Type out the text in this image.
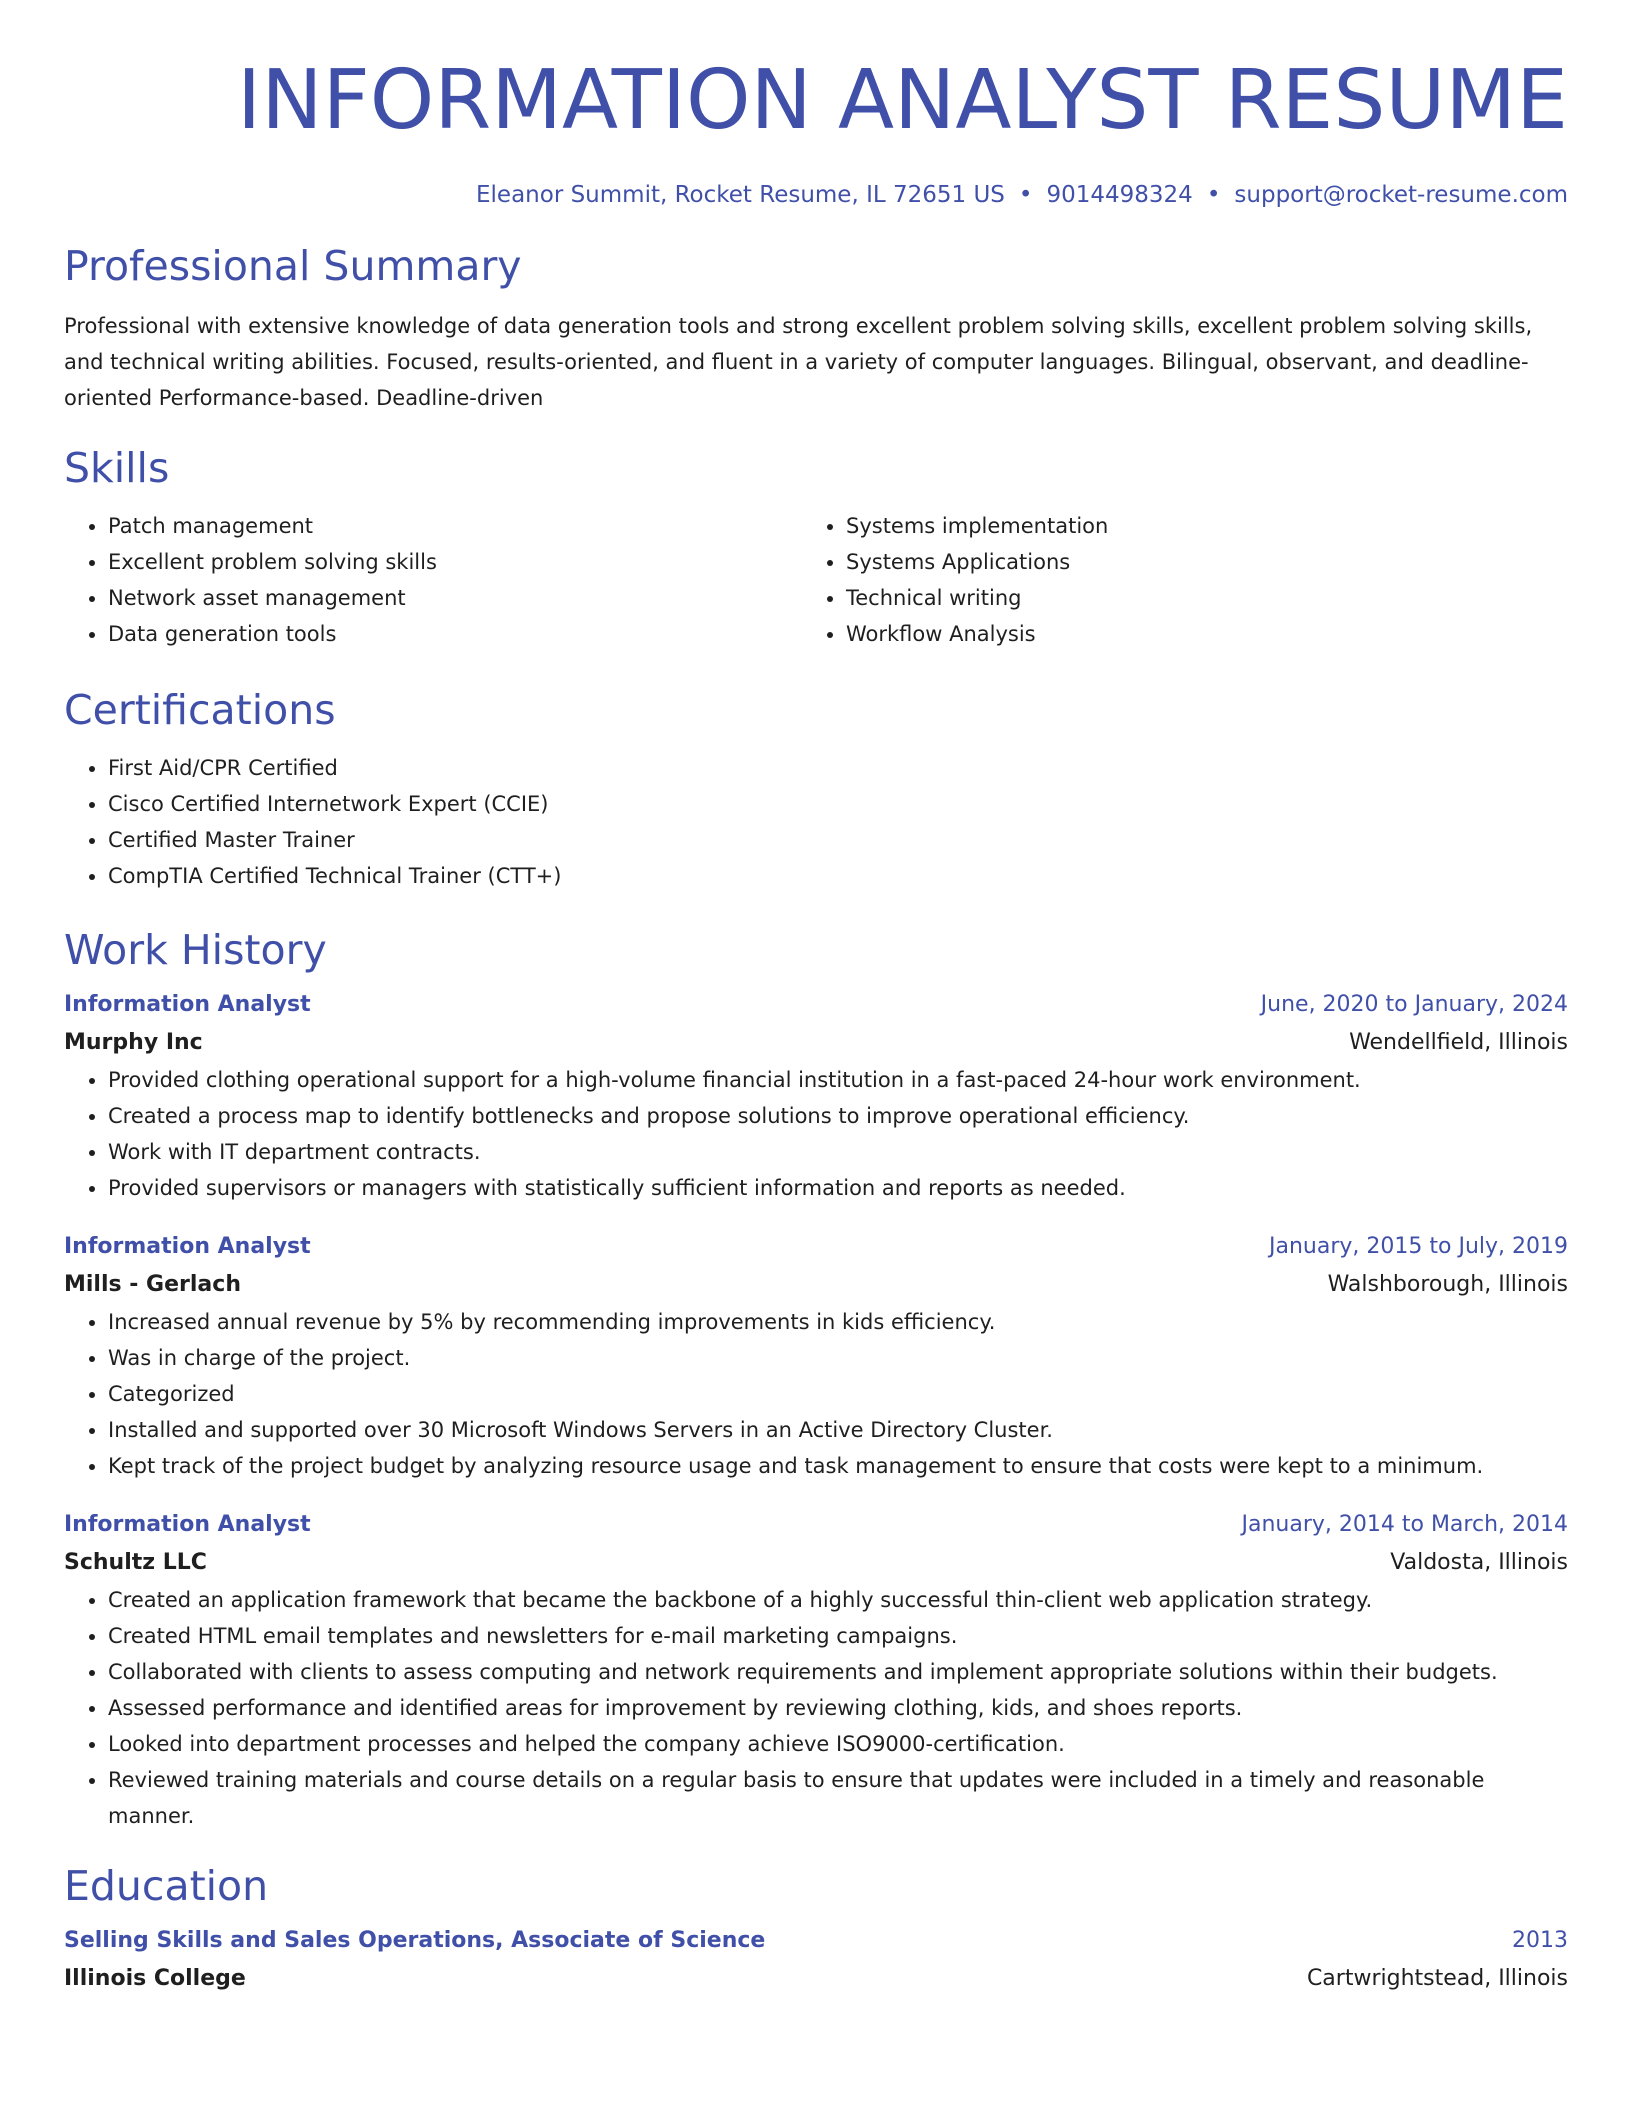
INFORMATION ANALYST RESUME
Eleanor Summit, Rocket Resume, IL 72651 US • 9014498324 • support@rocket-resume.com
Professional Summary

Professional with extensive knowledge of data generation tools and strong excellent problem solving skills, excellent problem solving skills, and technical writing abilities. Focused, results-oriented, and fluent in a variety of computer languages. Bilingual, observant, and deadline-oriented Performance-based. Deadline-driven

Skills
• Patch management
• Excellent problem solving skills
• Network asset management
• Data generation tools
• Systems implementation
• Systems Applications
• Technical writing
• Workflow Analysis
Certifications
• First Aid/CPR Certified
• Cisco Certified Internetwork Expert (CCIE)
• Certified Master Trainer
• CompTIA Certified Technical Trainer (CTT+)
Work History
Information Analyst	June, 2020 to January, 2024
Murphy Inc	Wendellfield, Illinois
• Provided clothing operational support for a high-volume financial institution in a fast-paced 24-hour work environment.
• Created a process map to identify bottlenecks and propose solutions to improve operational efficiency.
• Work with IT department contracts.
• Provided supervisors or managers with statistically sufficient information and reports as needed.
Information Analyst	January, 2015 to July, 2019
Mills - Gerlach	Walshborough, Illinois
• Increased annual revenue by 5% by recommending improvements in kids efficiency.
• Was in charge of the project.
• Categorized
• Installed and supported over 30 Microsoft Windows Servers in an Active Directory Cluster.
• Kept track of the project budget by analyzing resource usage and task management to ensure that costs were kept to a minimum.
Information Analyst	January, 2014 to March, 2014
Schultz LLC	Valdosta, Illinois
• Created an application framework that became the backbone of a highly successful thin-client web application strategy.
• Created HTML email templates and newsletters for e-mail marketing campaigns.
• Collaborated with clients to assess computing and network requirements and implement appropriate solutions within their budgets.
• Assessed performance and identified areas for improvement by reviewing clothing, kids, and shoes reports.
• Looked into department processes and helped the company achieve ISO9000-certification.
• Reviewed training materials and course details on a regular basis to ensure that updates were included in a timely and reasonable manner.
Education
Selling Skills and Sales Operations, Associate of Science	2013
Illinois College	Cartwrightstead, Illinois
